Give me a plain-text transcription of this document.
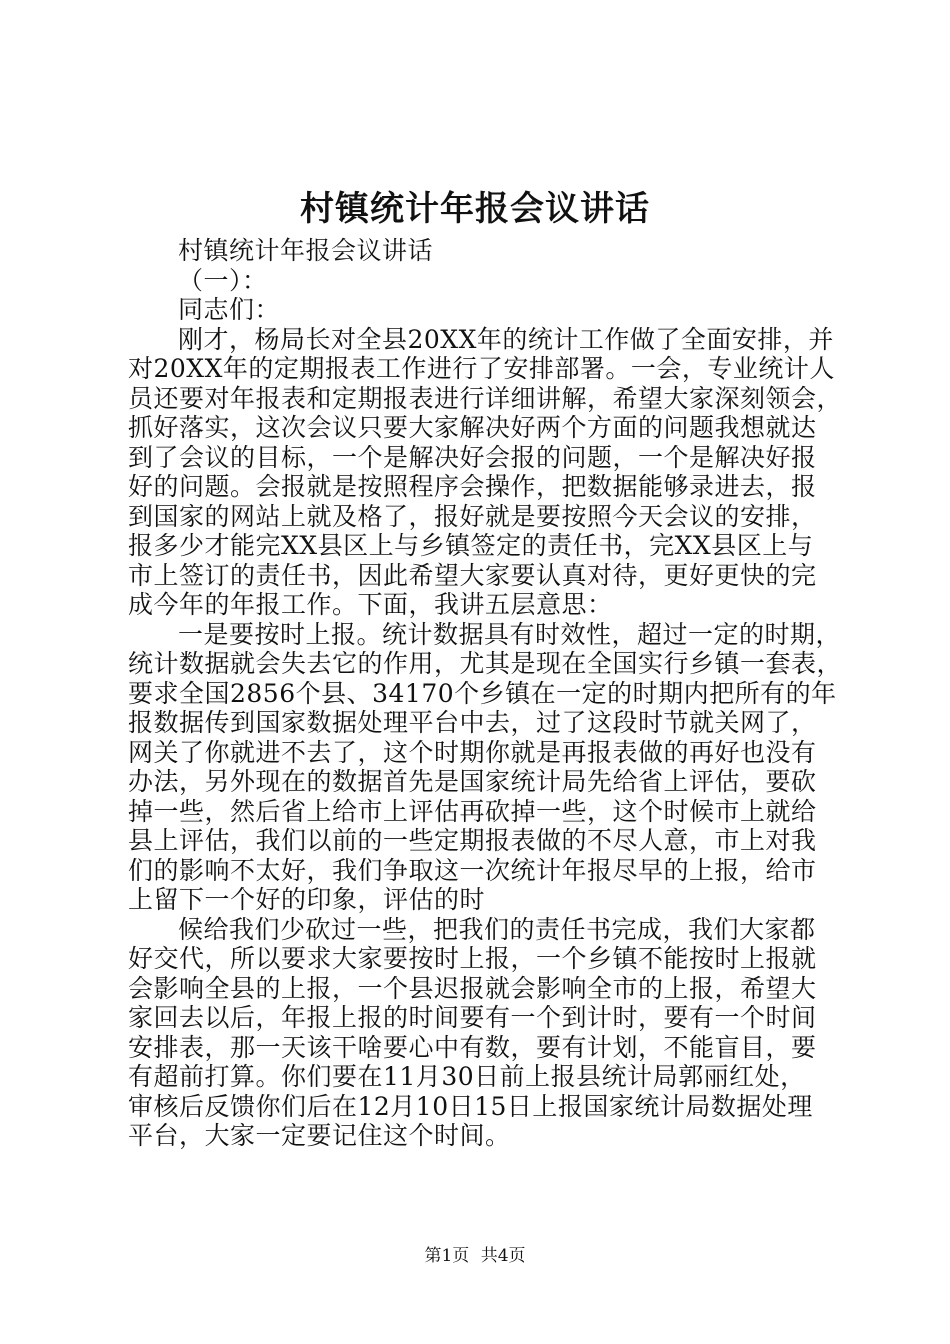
村镇统计年报会议讲话
村镇统计年报会议讲话
（一）：
同志们：
刚才，杨局长对全县20XX年的统计工作做了全面安排，并
对20XX年的定期报表工作进行了安排部署。一会，专业统计人
员还要对年报表和定期报表进行详细讲解，希望大家深刻领会，
抓好落实，这次会议只要大家解决好两个方面的问题我想就达
到了会议的目标，一个是解决好会报的问题，一个是解决好报
好的问题。会报就是按照程序会操作，把数据能够录进去，报
到国家的网站上就及格了，报好就是要按照今天会议的安排，
报多少才能完XX县区上与乡镇签定的责任书，完XX县区上与
市上签订的责任书，因此希望大家要认真对待，更好更快的完
成今年的年报工作。下面，我讲五层意思：
一是要按时上报。统计数据具有时效性，超过一定的时期，
统计数据就会失去它的作用，尤其是现在全国实行乡镇一套表，
要求全国2856个县、34170个乡镇在一定的时期内把所有的年
报数据传到国家数据处理平台中去，过了这段时节就关网了，
网关了你就进不去了，这个时期你就是再报表做的再好也没有
办法，另外现在的数据首先是国家统计局先给省上评估，要砍
掉一些，然后省上给市上评估再砍掉一些，这个时候市上就给
县上评估，我们以前的一些定期报表做的不尽人意，市上对我
们的影响不太好，我们争取这一次统计年报尽早的上报，给市
上留下一个好的印象，评估的时
候给我们少砍过一些，把我们的责任书完成，我们大家都
好交代，所以要求大家要按时上报，一个乡镇不能按时上报就
会影响全县的上报，一个县迟报就会影响全市的上报，希望大
家回去以后，年报上报的时间要有一个到计时，要有一个时间
安排表，那一天该干啥要心中有数，要有计划，不能盲目，要
有超前打算。你们要在11月30日前上报县统计局郭丽红处，
审核后反馈你们后在12月10日15日上报国家统计局数据处理
平台，大家一定要记住这个时间。
第1页 共4页
